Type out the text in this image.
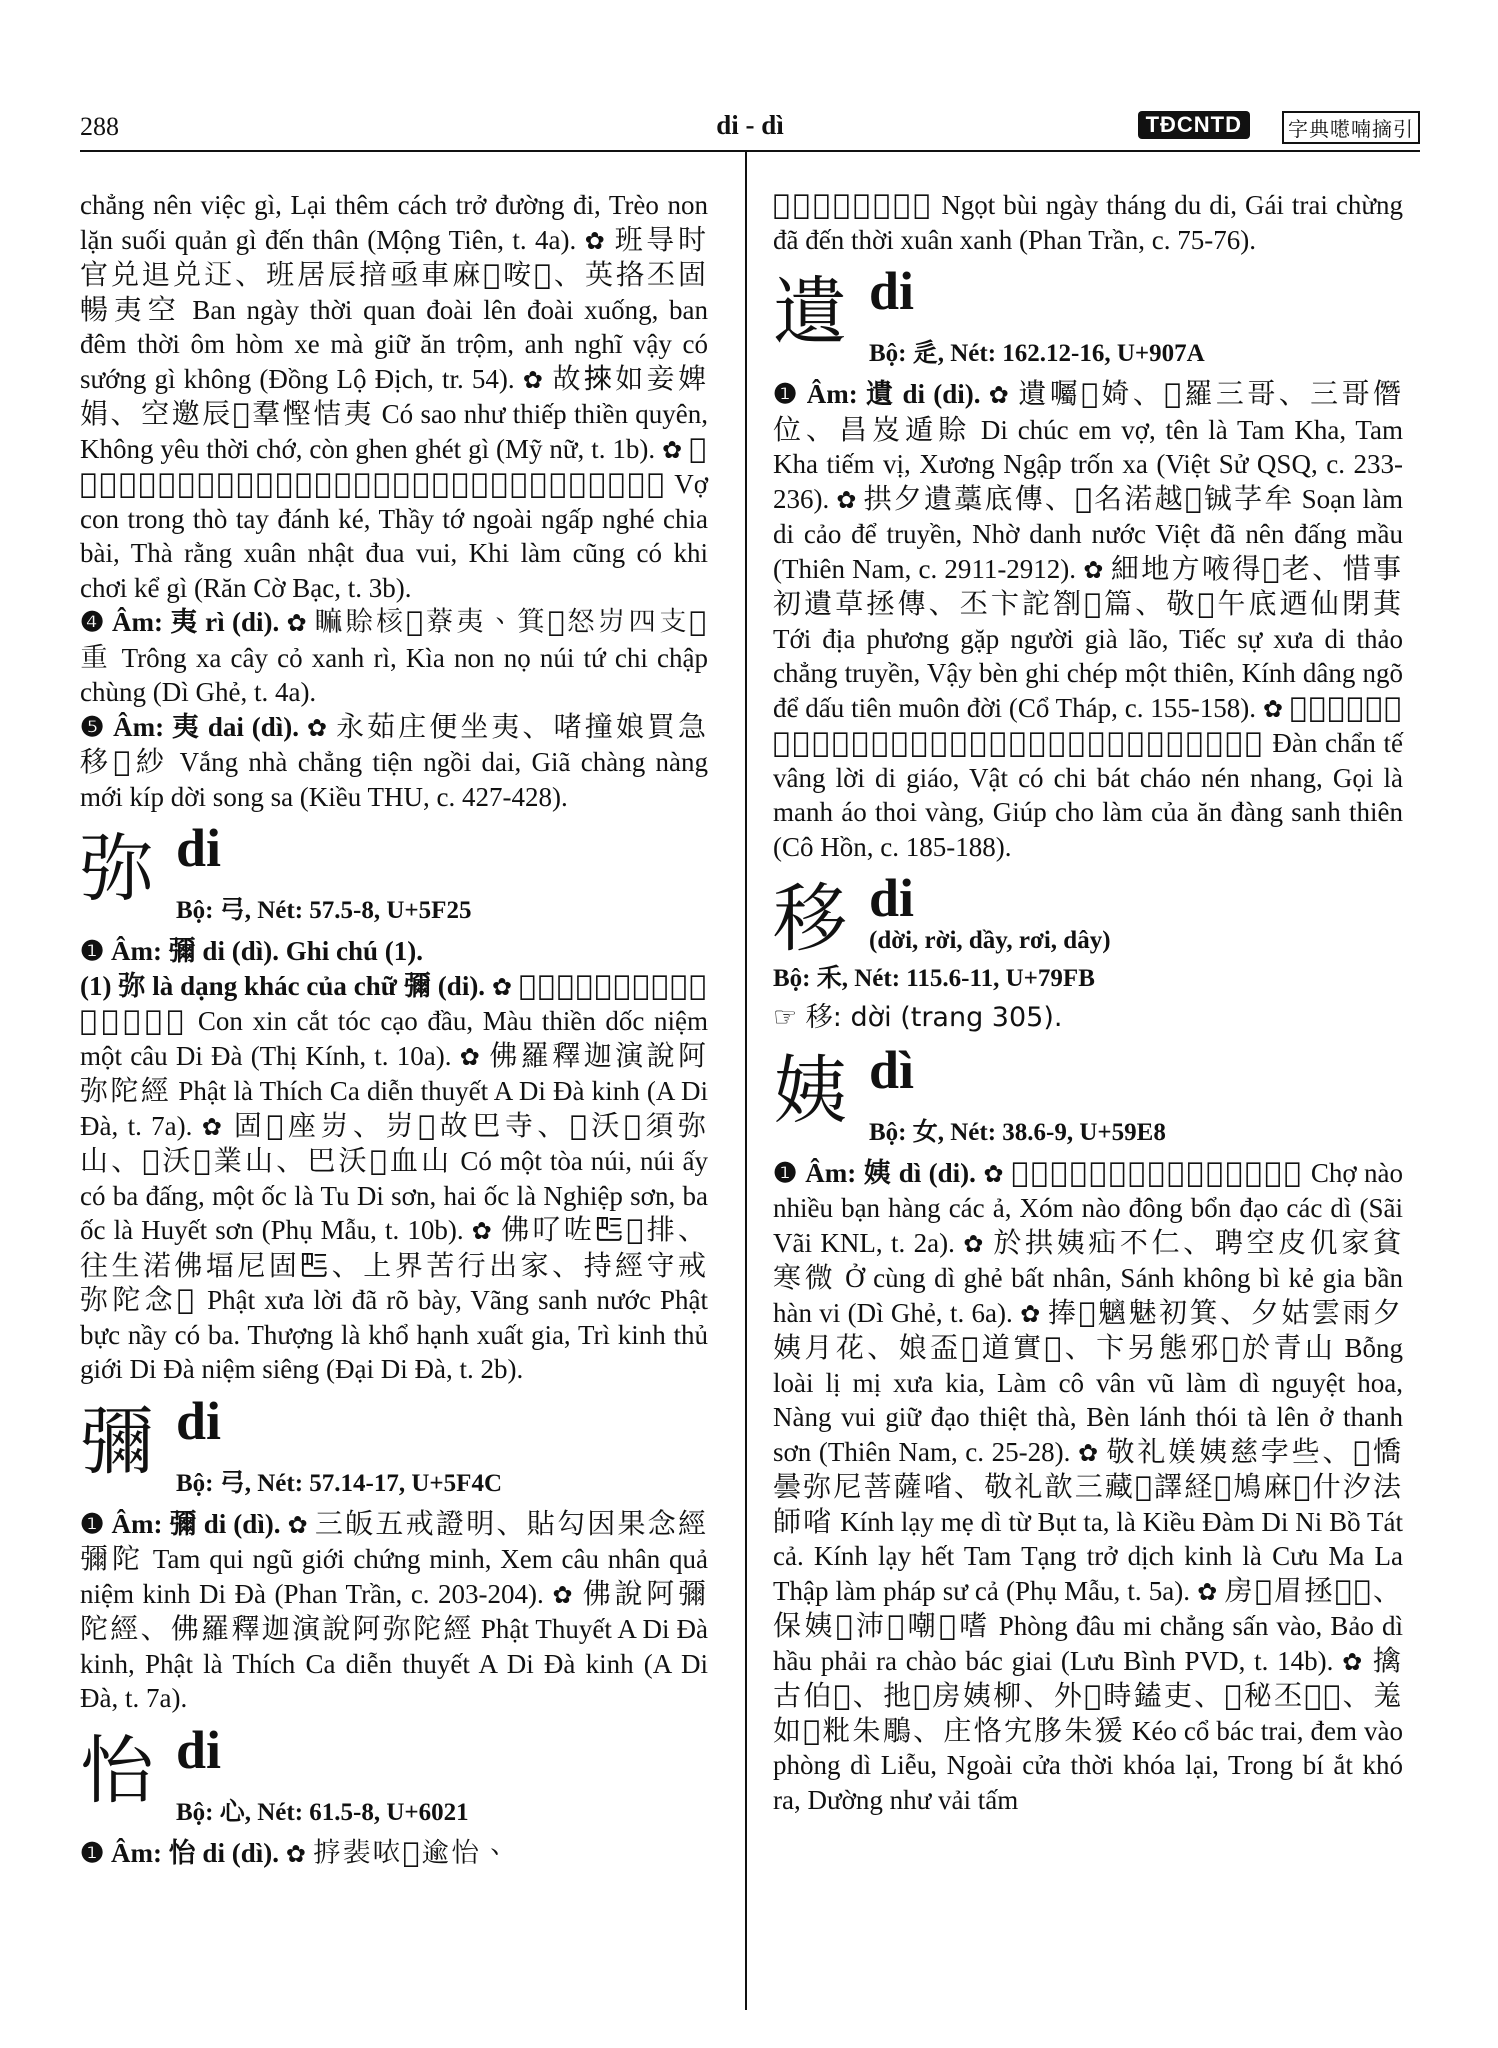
288	di - dì	TĐCNTD	字典㘃喃摘引
chẳng nên việc gì, Lại thêm cách trở đường đi, Trèo non lặn suối quản gì đến thân (Mộng Tiên, t. 4a). ✿ 班㝵时官兑䢐兑𨑜、班居辰揞亟車麻𫆋咹𪮊、英挌丕固暢夷空 Ban ngày thời quan đoài lên đoài xuống, ban đêm thời ôm hòm xe mà giữ ăn trộm, anh nghĩ vậy có sướng gì không (Đồng Lộ Địch, tr. 54). ✿ 故𢯦如妾婢娟、空邀辰𠸟羣慳恄夷 Có sao như thiếp thiền quyên, Không yêu thời chớ, còn ghen ghét gì (Mỹ nữ, t. 1b). ✿ 𡛔𡥵中𢬣𢭲打計、倈𠇍外𠰳睛𢯦排、他浪春日都𢬣、欺夕拱固欺𨔈計夷 Vợ con trong thò tay đánh ké, Thầy tớ ngoài ngấp nghé chia bài, Thà rằng xuân nhật đua vui, Khi làm cũng có khi chơi kể gì (Răn Cờ Bạc, t. 3b).
❹ Âm: 夷 rì (di). ✿ 𥊚賒核𡓮𦼔夷、箕𡽫怒岃四支𤾓重 Trông xa cây cỏ xanh rì, Kìa non nọ núi tứ chi chập chùng (Dì Ghẻ, t. 4a).
❺ Âm: 夷 dai (dì). ✿ 永茹庄便坐夷、啫撞娘買急移𢚸紗 Vắng nhà chẳng tiện ngồi dai, Giã chàng nàng mới kíp dời song sa (Kiều THU, c. 427-428).
弥 di
Bộ: 弓, Nét: 57.5-8, U+5F25
❶ Âm: 彌 di (dì). Ghi chú (1).
(1) 弥 là dạng khác của chữ 彌 (di). ✿ 𡢐嗔割鬚𥿺頭、革禪篤念𠬠句弥陀 Con xin cắt tóc cạo đầu, Màu thiền dốc niệm một câu Di Đà (Thị Kính, t. 10a). ✿ 佛羅釋迦演說阿弥陀經 Phật là Thích Ca diễn thuyết A Di Đà kinh (A Di Đà, t. 7a). ✿ 固𡶀座岃、岃𠀧故巴寺、𡶀沃𠚢須弥山、𠰘沃𠚢業山、巴沃𠚢血山 Có một tòa núi, núi ấy có ba đấng, một ốc là Tu Di sơn, hai ốc là Nghiệp sơn, ba ốc là Huyết sơn (Phụ Mẫu, t. 10b). ✿ 佛𠮩咗𠀧𦓡排、往生渃佛堛尼固𠀧、上界苦行出家、持經守戒弥陀念𡢐 Phật xưa lời đã rõ bày, Vãng sanh nước Phật bực nầy có ba. Thượng là khổ hạnh xuất gia, Trì kinh thủ giới Di Đà niệm siêng (Đại Di Đà, t. 2b).
彌 di
Bộ: 弓, Nét: 57.14-17, U+5F4C
❶ Âm: 彌 di (dì). ✿ 三皈五戒證明、貼勾因果念經彌陀 Tam qui ngũ giới chứng minh, Xem câu nhân quả niệm kinh Di Đà (Phan Trần, c. 203-204). ✿ 佛說阿彌陀經、佛羅釋迦演說阿弥陀經 Phật Thuyết A Di Đà kinh, Phật là Thích Ca diễn thuyết A Di Đà kinh (A Di Đà, t. 7a).
怡 di
Bộ: 心, Nét: 61.5-8, U+6021
❶ Âm: 怡 di (dì). ✿ 𢭸裴𠲖𦝄逾怡、
𡛔𤽗澄𠀧典時春撑 Ngọt bùi ngày tháng du di, Gái trai chừng đã đến thời xuân xanh (Phan Trần, c. 75-76).
遺 di
Bộ: 辵, Nét: 162.12-16, U+907A
❶ Âm: 遺 di (di). ✿ 遺囑𡛔婍、𣱆羅三哥、三哥僭位、昌岌遁賒 Di chúc em vợ, tên là Tam Kha, Tam Kha tiếm vị, Xương Ngập trốn xa (Việt Sử QSQ, c. 233-236). ✿ 拱夕遺藁底傳、𠸗名渃越𠀧铖芓牟 Soạn làm di cảo để truyền, Nhờ danh nước Việt đã nên đấng mầu (Thiên Nam, c. 2911-2912). ✿ 細地方㖡得𦓅老、惜事初遺草拯傳、丕卞詑劄𠬠篇、敬𨖅午底迺仙閉萁 Tới địa phương gặp người già lão, Tiếc sự xưa di thảo chẳng truyền, Vậy bèn ghi chép một thiên, Kính dâng ngõ để dấu tiên muôn đời (Cổ Tháp, c. 155-158). ✿ 𢬣賑濟𠸜咗遺教、物固之鉢粟𦹵香、噲𠱋萌𧛊梭鐄、𢹣朱夕貼咹塘生天 Đàn chẩn tế vâng lời di giáo, Vật có chi bát cháo nén nhang, Gọi là manh áo thoi vàng, Giúp cho làm của ăn đàng sanh thiên (Cô Hồn, c. 185-188).
移 di
(dời, rời, dầy, rơi, dây)
Bộ: 禾, Nét: 115.6-11, U+79FB
☞ 移: dời (trang 305).
姨 dì
Bộ: 女, Nét: 38.6-9, U+59E8
❶ Âm: 姨 dì (di). ✿ 𦓡市𡤓伴行各姛、坫市冬本道各姨 Chợ nào nhiều bạn hàng các ả, Xóm nào đông bổn đạo các dì (Sãi Vãi KNL, t. 2a). ✿ 於拱姨疝不仁、聘空皮仉家貧寒微 Ở cùng dì ghẻ bất nhân, Sánh không bì kẻ gia bần hàn vi (Dì Ghẻ, t. 6a). ✿ 捧𩛂魑魅初箕、夕姑雲雨夕姨月花、娘盃𡗶道實𠲤、卞另態邪𦥃於青山 Bỗng loài lị mị xưa kia, Làm cô vân vũ làm dì nguyệt hoa, Nàng vui giữ đạo thiệt thà, Bèn lánh thói tà lên ở thanh sơn (Thiên Nam, c. 25-28). ✿ 敬礼媄姨慈孛些、𠱋憍曇弥尼菩薩㗂、敬礼歆三藏𡗶譯経𠚢鳩麻𠱋什汐法師㗂 Kính lạy mẹ dì từ Bụt ta, là Kiều Đàm Di Ni Bồ Tát cả. Kính lạy hết Tam Tạng trở dịch kinh là Cưu Ma La Thập làm pháp sư cả (Phụ Mẫu, t. 5a). ✿ 房𡗶眉拯𧺀𠊛、保姨𠎪沛𠶆嘲𡗶嗜 Phòng đâu mi chẳng sấn vào, Bảo dì hầu phải ra chào bác giai (Lưu Bình PVD, t. 14b). ✿ 擒古伯𤽗、扡𨷶房姨柳、外𨷶時鎑吏、𤄯秘丕𦹵𠳨、羗如𢯦粃朱鵰、庄恪宄䏧朱猨 Kéo cổ bác trai, đem vào phòng dì Liễu, Ngoài cửa thời khóa lại, Trong bí ắt khó ra, Dường như vải tấm
